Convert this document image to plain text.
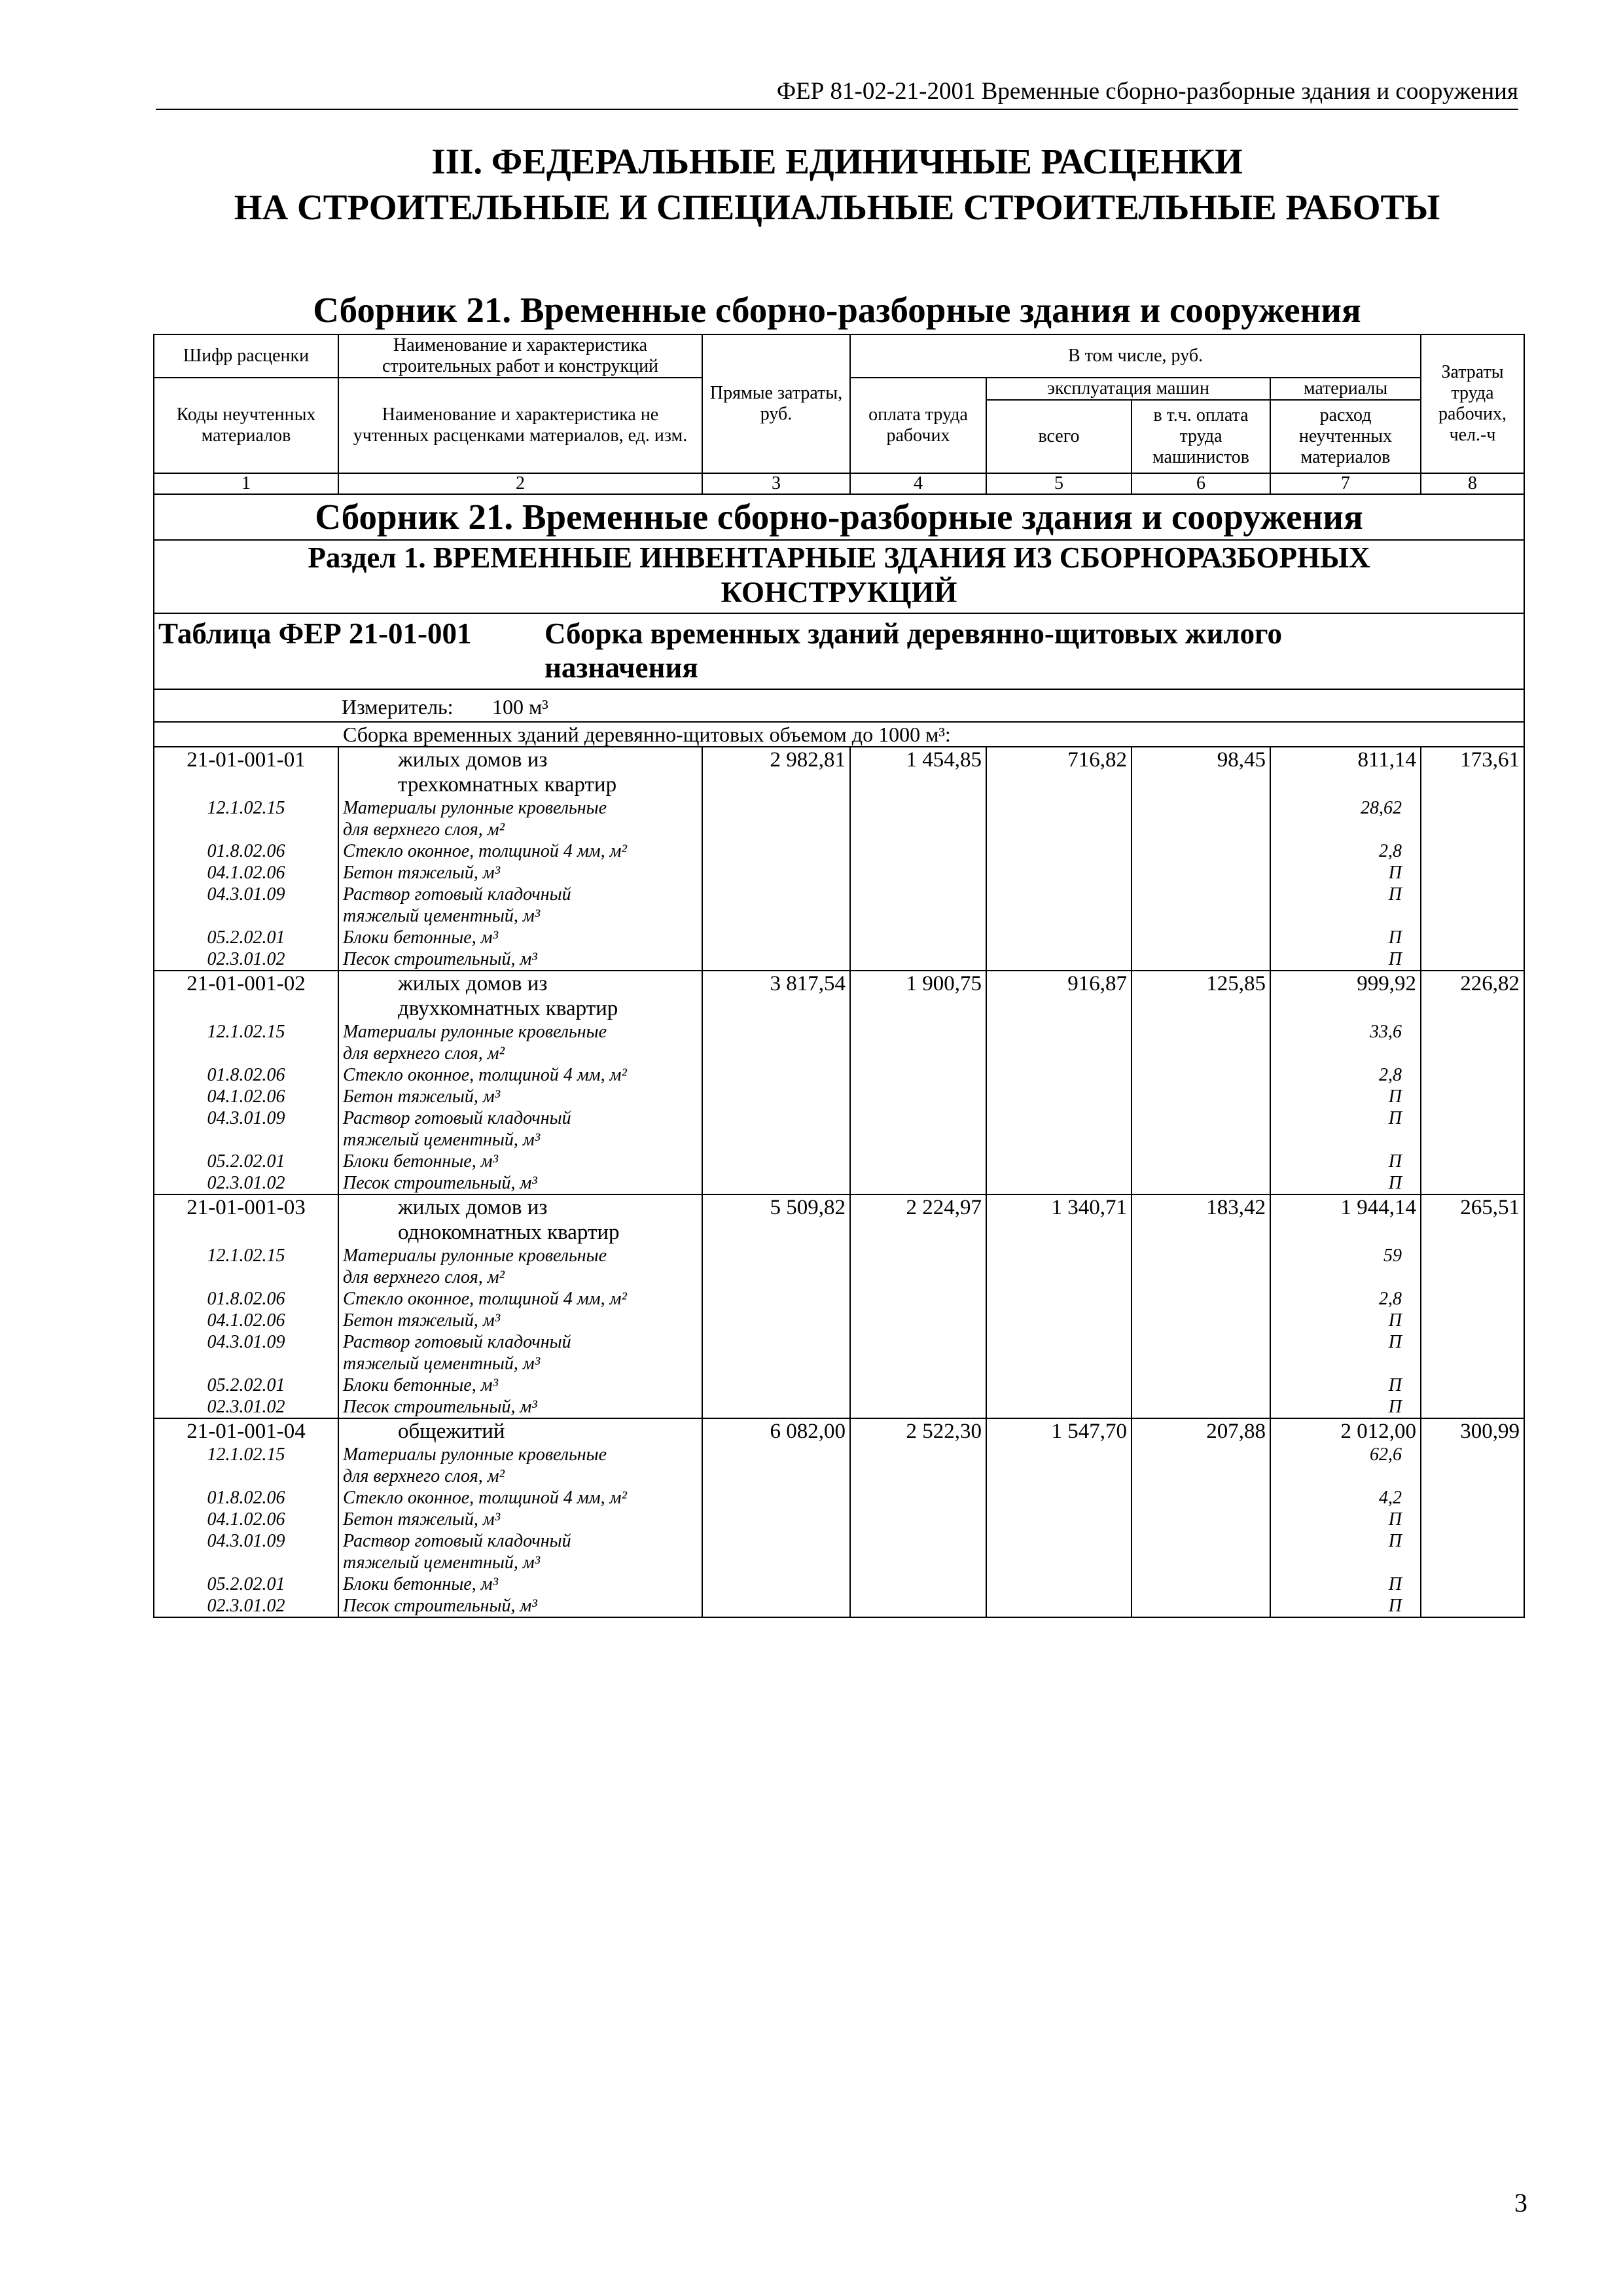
ФЕР 81-02-21-2001 Временные сборно-разборные здания и сооружения
III. ФЕДЕРАЛЬНЫЕ ЕДИНИЧНЫЕ РАСЦЕНКИ
НА СТРОИТЕЛЬНЫЕ И СПЕЦИАЛЬНЫЕ СТРОИТЕЛЬНЫЕ РАБОТЫ
Сборник 21. Временные сборно-разборные здания и сооружения
Шифр расценки	Наименование и характеристика строительных работ и конструкций	Прямые затраты, руб.	В том числе, руб.				Затраты труда рабочих, чел.-ч
Коды неучтенных материалов	Наименование и характеристика не учтенных расценками материалов, ед. изм.		оплата труда рабочих	эксплуатация машин		материалы	
				всего	в т.ч. оплата труда машинистов	расход неучтенных материалов	
1	2	3	4	5	6	7	8
Сборник 21. Временные сборно-разборные здания и сооружения							

Раздел 1. ВРЕМЕННЫЕ ИНВЕНТАРНЫЕ ЗДАНИЯ ИЗ СБОРНОРАЗБОРНЫХ
КОНСТРУКЦИЙ							

Таблица ФЕР 21-01-001 Сборка временных зданий деревянно-щитовых жилого
назначения							
Измеритель: 100 м³							
Сборка временных зданий деревянно-щитовых объемом до 1000 м³:							
21-01-001-01	жилых домов из
трехкомнатных квартир	2 982,81	1 454,85	716,82	98,45	811,14	173,61
12.1.02.15	Материалы рулонные кровельные
для верхнего слоя, м²					28,62	
01.8.02.06	Стекло оконное, толщиной 4 мм, м²					2,8	
04.1.02.06	Бетон тяжелый, м³					П	
04.3.01.09	Раствор готовый кладочный
тяжелый цементный, м³					П	
05.2.02.01	Блоки бетонные, м³					П	
02.3.01.02	Песок строительный, м³					П	
21-01-001-02	жилых домов из
двухкомнатных квартир	3 817,54	1 900,75	916,87	125,85	999,92	226,82
12.1.02.15	Материалы рулонные кровельные
для верхнего слоя, м²					33,6	
01.8.02.06	Стекло оконное, толщиной 4 мм, м²					2,8	
04.1.02.06	Бетон тяжелый, м³					П	
04.3.01.09	Раствор готовый кладочный
тяжелый цементный, м³					П	
05.2.02.01	Блоки бетонные, м³					П	
02.3.01.02	Песок строительный, м³					П	
21-01-001-03	жилых домов из
однокомнатных квартир	5 509,82	2 224,97	1 340,71	183,42	1 944,14	265,51
12.1.02.15	Материалы рулонные кровельные
для верхнего слоя, м²					59	
01.8.02.06	Стекло оконное, толщиной 4 мм, м²					2,8	
04.1.02.06	Бетон тяжелый, м³					П	
04.3.01.09	Раствор готовый кладочный
тяжелый цементный, м³					П	
05.2.02.01	Блоки бетонные, м³					П	
02.3.01.02	Песок строительный, м³					П	
21-01-001-04	общежитий	6 082,00	2 522,30	1 547,70	207,88	2 012,00	300,99
12.1.02.15	Материалы рулонные кровельные
для верхнего слоя, м²					62,6	
01.8.02.06	Стекло оконное, толщиной 4 мм, м²					4,2	
04.1.02.06	Бетон тяжелый, м³					П	
04.3.01.09	Раствор готовый кладочный
тяжелый цементный, м³					П	
05.2.02.01	Блоки бетонные, м³					П	
02.3.01.02	Песок строительный, м³					П	
3
